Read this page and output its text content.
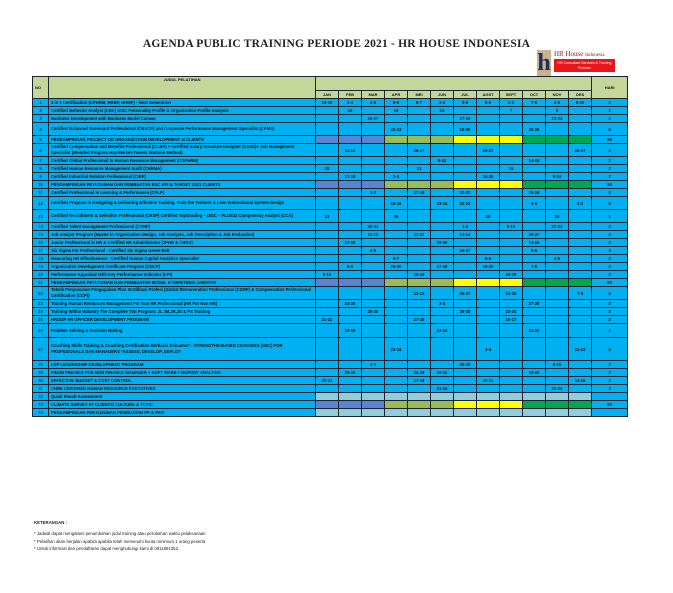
AGENDA PUBLIC TRAINING PERIODE 2021 - HR HOUSE INDONESIA
h HR House Indonesia
HR Consultant Services & Training Provider
NO	JUDUL PELATIHAN													HARI
		JAN	FEB	MAR	APR	MEI	JUN	JUL	AGST	SEPT	OCT	NOV	DES	
1	3 in 1 Certification (CPHRM, HRBP, HRMP) - Next Generation	15-16	3-4	4-5	8-9	6-7	3-4	8-9	5-6	2-3	7-8	4-5	9-10	2
2	Certified Behavior Analyst (CBA) DISC Personality Profile & Organization Profile Analysis		10		19		24			7		8		1
3	Business Development with Business Model Canvas			26-27				27-28				23-24		2
4	Certified Balanced Scorecard Professional (CBSCP) and Corporate Performance Management Specialist (CPMS)				22-23			19-20			25-26			2
5	PENDAMPINGAN PROJECT OD ORGANIZATION DEVELOPMENT at CLIENTS													90
6	Certified Compensation and Benefits Professional (CCBP) + Certified Salary Structure Designer (CSSD)+ Job Management Specialist (Blended Program Hay-Mercer-Towers Wattson Method)		11-12			26-27			26-27				16-17	2
7	Certified Global Professional In Human Resource Management (CGPHRM)						9-10				14-15			2
8	Certified Human Resource Management Audit (CHRMA)	28				13				16				2
9	Certified Industrial Relation Professional (CIRP)		17-18		2-3				24-25			9-10		2
10	PENDAMPINGAN PEYUSUNAN DAN PEMBUATAN BSC KPI & TARGET 2021 CLIENTS													90
11	Certified Professional in Learning & Performance (CPLP)			1-2		17-18		22-23			18-19			2
12	Certified Program in Designing & Delivering Effective Training. Train the Trainers & Lean Instructional System Design				15-16		23-24	22-23			5-6		1-2	2
13	Certified Recruitment & Selection Professional (CRSP) Certified TopGrading – DISC – PLUS32 Competency Analyst (CCA)	13			26				10			16		1
14	Certified Talent Management Professional (CTMP)			30-31				1-2		9-10		22-23		2
15	Job Analyst Program (Master in Organization Design, Job Analysis, Job Description & Job Evaluation)			11-12		11-12		13-14			26-27			2
16	Junior Professional in HR & Certified HR Administrator (JPHR & CHRA)		17-18				29-30				14-15			2
17	Six Sigma For Professional - Certified Six Sigma Green Belt			4-5				16-17			5-6			3
18	Measuring HR Effectiveness - Certified Human Capital Analytics Specialist				6-7				5-6			4-5		2
19	Organization Development Certificate Program (ODCP)		5-6		29-30		17-18		19-20		7-8			2
20	Performance Appraisal With Key Performance Indicator (KPI)	9-10				18-19				29-30				2
21	PENDAMPINGAN PEYUSUNAN DAN PEMBUATAN MODEL KOMPETENSI JABATAN													90
22	Teknik Penyusunan Pengupahan Plus Sertifikasi Profesi (Global Remuneration Professional (CGRP) & Compensation Professional Certification (CCP))					13-14		26-27		14-15			7-8	2
23	Training Human Resources Management For Non HR Professional (HR For Non HR)		24-25				3-4				27-28			2
24	Training Within Industry The Complete TWI Program: JI, JM,JR,JS & PS Training			25-26				29-30		23-24				2
25	HRODP HR OFFICER DEVELOPMENT PROGRAM	21-22				27-28				16-17				2
26	Problem Solving & Decision Making		18-19				23-24				21-22			2
27	Coaching Skills Training & Coaching Certification Berbasis Kekuatan* - STRENGTHS-BASED COACHING (SBC) FOR PROFESIONALS DAN MANAGERS *ASSESS, DEVELOP, DEPLOY				23-24				3-4				21-22	2
28	LDP LEADERSHIP DEVELOPMENT PROGRAM			2-3				29-30				9-10		2
29	FINON FINANCE FOR NON FINANCE MANAGER + SOFT WARE + DUPONT ANALYSIS		25-26			24-25	10-11				19-20			2
30	EFFECTIVE BUDGET & COST CONTROL	20-21				17-18			10-11				14-15	2
31	CHRE CERTIFIED HUMAN RESOURCE EXECUTIVES						21-23					22-24		3
32	Quick Result Assessment													
33	CLIMATE SURVEY AT CLIENTS/ CULTURE & TOXIC													90
34	PENDAMPINGAN PENYUSUNAN PEMBUATAN PP & PKB													
KETERANGAN :
* Jadwal dapat mengalami penambahan judul training atau perubahan waktu pelaksanaan
* Pelatihan akan berjalan apabila apabila telah memenuhi kuota minimum 1 orang peserta
* Untuk informasi dan pendaftaran dapat menghubungi kami di 0811891352
